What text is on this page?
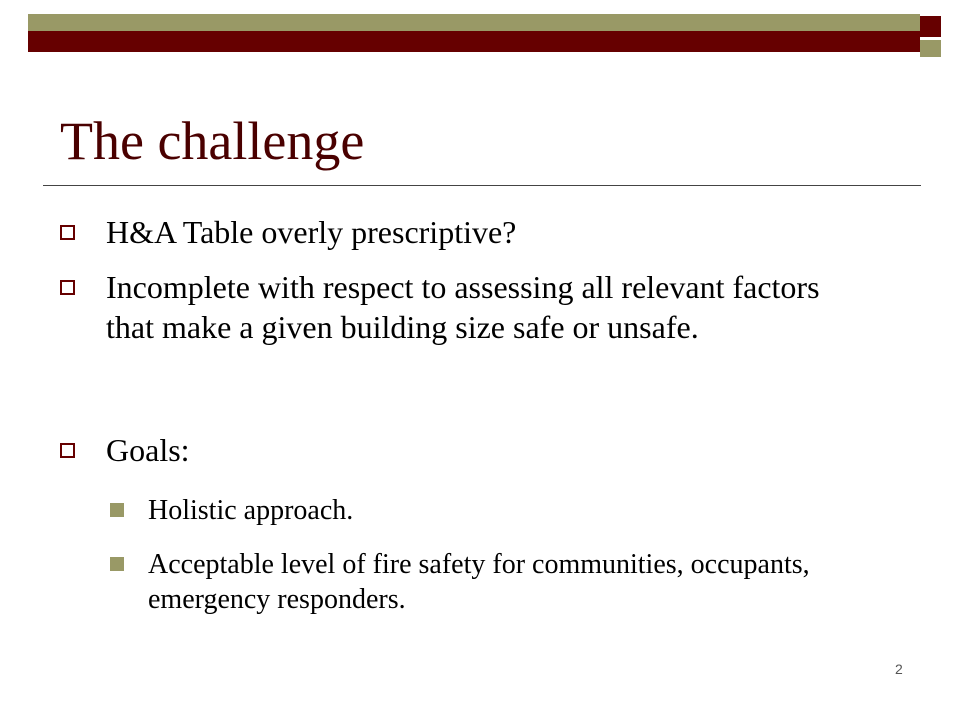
The challenge
H&A Table overly prescriptive?
Incomplete with respect to assessing all relevant factors that make a given building size safe or unsafe.
Goals:
Holistic approach.
Acceptable level of fire safety for communities, occupants, emergency responders.
2
